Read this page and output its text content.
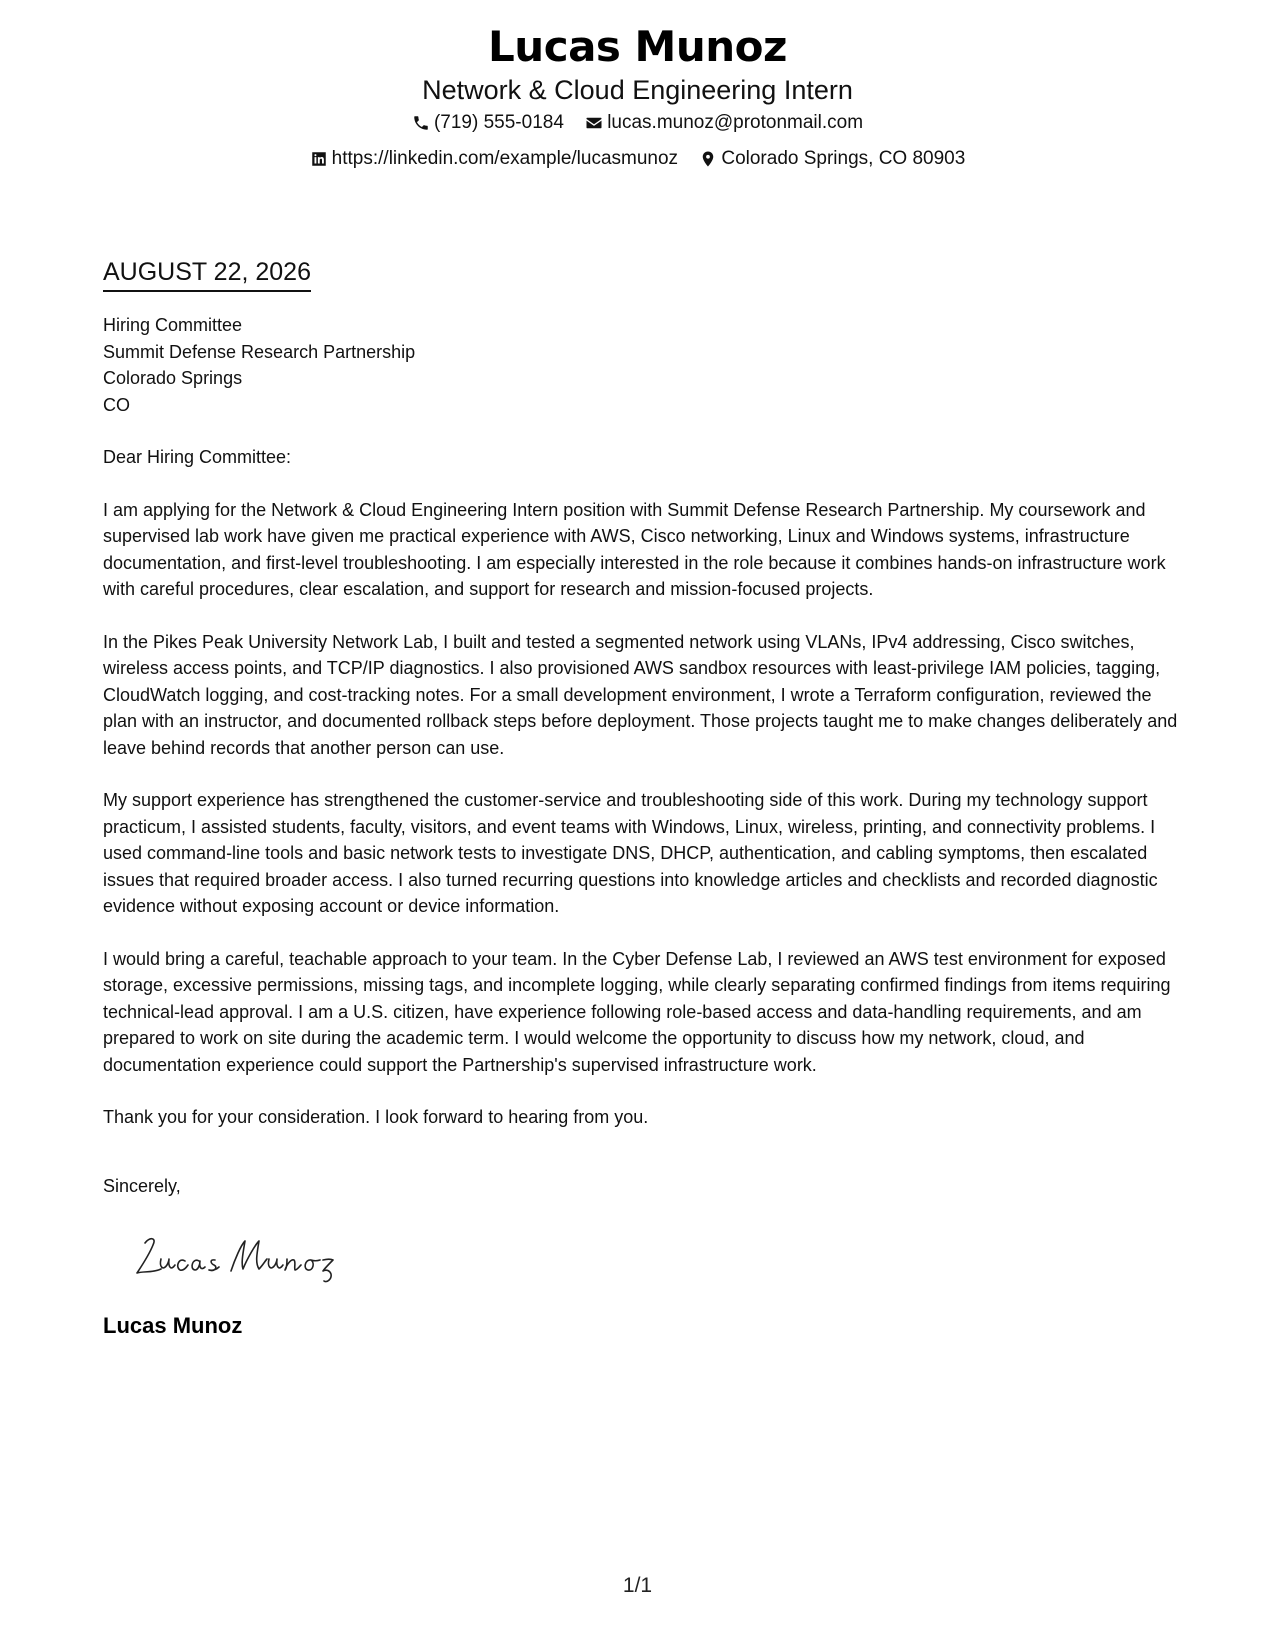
Lucas Munoz
Network & Cloud Engineering Intern
(719) 555-0184
lucas.munoz@protonmail.com
https://linkedin.com/example/lucasmunoz
Colorado Springs, CO 80903
AUGUST 22, 2026
Hiring Committee
Summit Defense Research Partnership
Colorado Springs
CO
Dear Hiring Committee:
I am applying for the Network & Cloud Engineering Intern position with Summit Defense Research Partnership. My coursework and supervised lab work have given me practical experience with AWS, Cisco networking, Linux and Windows systems, infrastructure documentation, and first-level troubleshooting. I am especially interested in the role because it combines hands-on infrastructure work with careful procedures, clear escalation, and support for research and mission-focused projects.
In the Pikes Peak University Network Lab, I built and tested a segmented network using VLANs, IPv4 addressing, Cisco switches, wireless access points, and TCP/IP diagnostics. I also provisioned AWS sandbox resources with least-privilege IAM policies, tagging, CloudWatch logging, and cost-tracking notes. For a small development environment, I wrote a Terraform configuration, reviewed the plan with an instructor, and documented rollback steps before deployment. Those projects taught me to make changes deliberately and leave behind records that another person can use.
My support experience has strengthened the customer-service and troubleshooting side of this work. During my technology support practicum, I assisted students, faculty, visitors, and event teams with Windows, Linux, wireless, printing, and connectivity problems. I used command-line tools and basic network tests to investigate DNS, DHCP, authentication, and cabling symptoms, then escalated issues that required broader access. I also turned recurring questions into knowledge articles and checklists and recorded diagnostic evidence without exposing account or device information.
I would bring a careful, teachable approach to your team. In the Cyber Defense Lab, I reviewed an AWS test environment for exposed storage, excessive permissions, missing tags, and incomplete logging, while clearly separating confirmed findings from items requiring technical-lead approval. I am a U.S. citizen, have experience following role-based access and data-handling requirements, and am prepared to work on site during the academic term. I would welcome the opportunity to discuss how my network, cloud, and documentation experience could support the Partnership's supervised infrastructure work.
Thank you for your consideration. I look forward to hearing from you.
Sincerely,
Lucas Munoz
1/1
